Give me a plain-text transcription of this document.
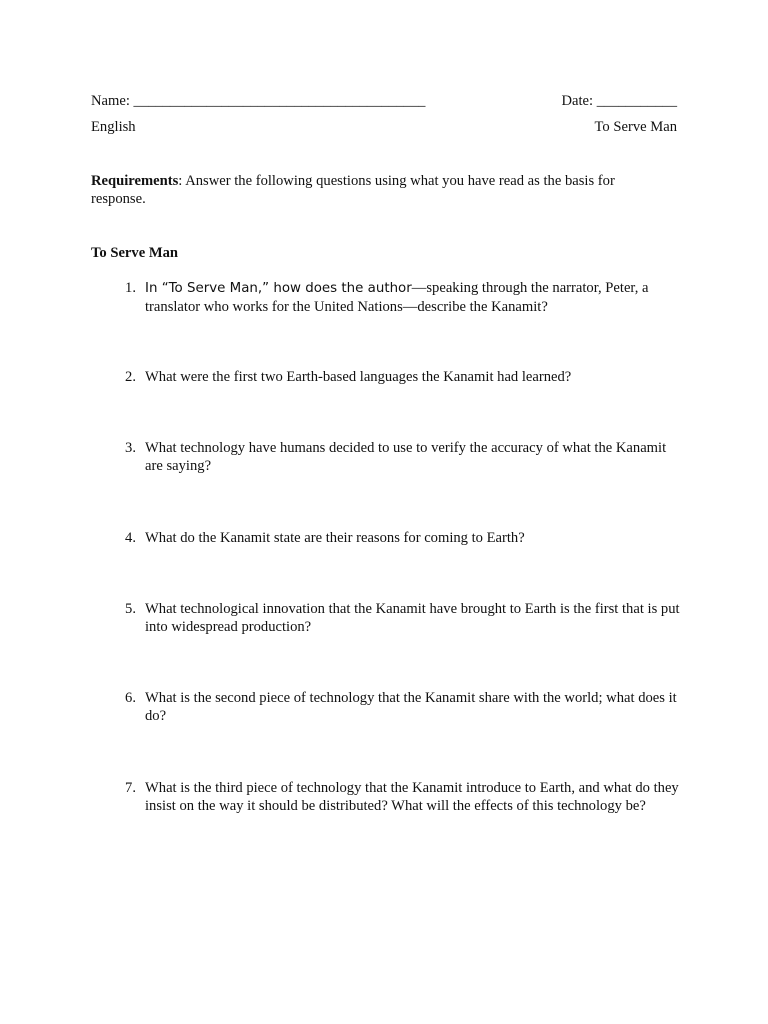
Name: ________________________________________	Date: ___________
English	To Serve Man
Requirements: Answer the following questions using what you have read as the basis for response.
To Serve Man
1. In “To Serve Man,” how does the author—speaking through the narrator, Peter, a translator who works for the United Nations—describe the Kanamit?
2. What were the first two Earth-based languages the Kanamit had learned?
3. What technology have humans decided to use to verify the accuracy of what the Kanamit are saying?
4. What do the Kanamit state are their reasons for coming to Earth?
5. What technological innovation that the Kanamit have brought to Earth is the first that is put into widespread production?
6. What is the second piece of technology that the Kanamit share with the world; what does it do?
7. What is the third piece of technology that the Kanamit introduce to Earth, and what do they insist on the way it should be distributed? What will the effects of this technology be?
